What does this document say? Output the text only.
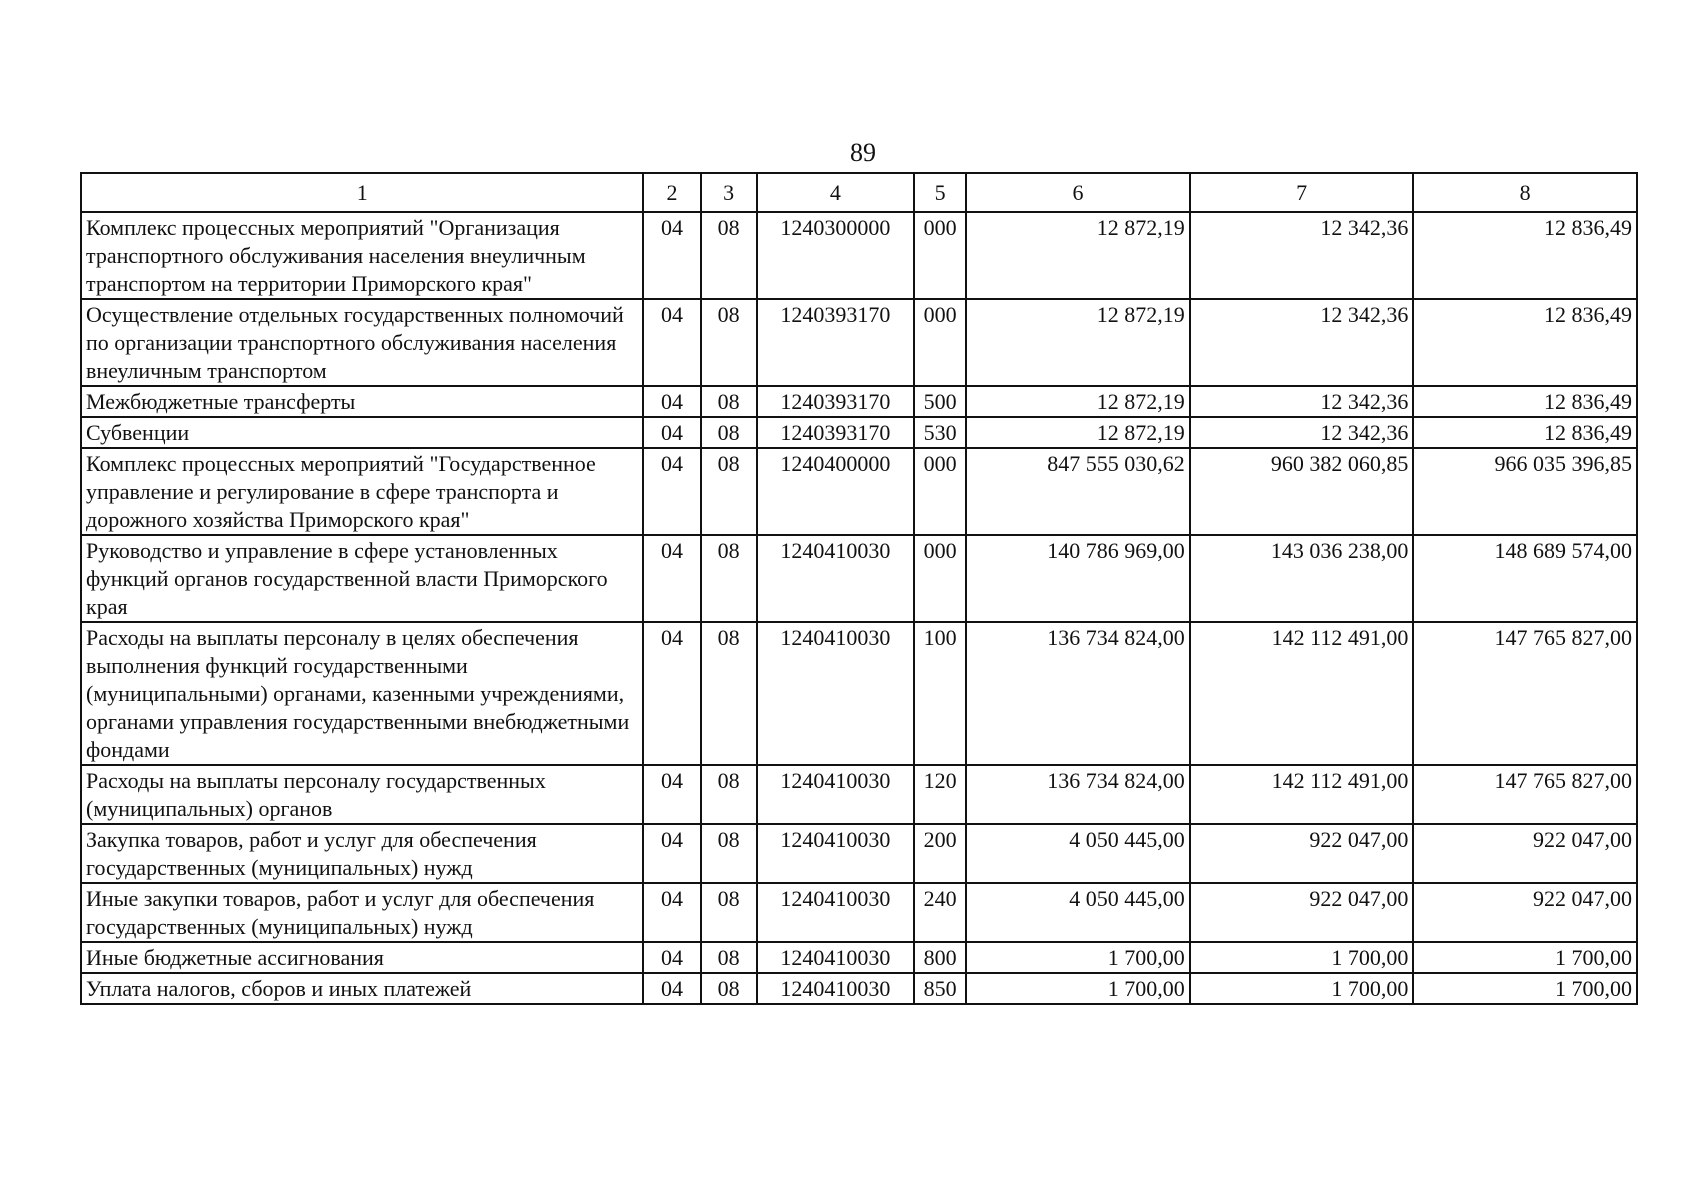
89
1	2	3	4	5	6	7	8
Комплекс процессных мероприятий "Организация транспортного обслуживания населения внеуличным транспортом на территории Приморского края"	04	08	1240300000	000	12 872,19	12 342,36	12 836,49
Осуществление отдельных государственных полномочий по организации транспортного обслуживания населения внеуличным транспортом	04	08	1240393170	000	12 872,19	12 342,36	12 836,49
Межбюджетные трансферты	04	08	1240393170	500	12 872,19	12 342,36	12 836,49
Субвенции	04	08	1240393170	530	12 872,19	12 342,36	12 836,49
Комплекс процессных мероприятий "Государственное управление и регулирование в сфере транспорта и дорожного хозяйства Приморского края"	04	08	1240400000	000	847 555 030,62	960 382 060,85	966 035 396,85
Руководство и управление в сфере установленных функций органов государственной власти Приморского края	04	08	1240410030	000	140 786 969,00	143 036 238,00	148 689 574,00
Расходы на выплаты персоналу в целях обеспечения выполнения функций государственными (муниципальными) органами, казенными учреждениями, органами управления государственными внебюджетными фондами	04	08	1240410030	100	136 734 824,00	142 112 491,00	147 765 827,00
Расходы на выплаты персоналу государственных (муниципальных) органов	04	08	1240410030	120	136 734 824,00	142 112 491,00	147 765 827,00
Закупка товаров, работ и услуг для обеспечения государственных (муниципальных) нужд	04	08	1240410030	200	4 050 445,00	922 047,00	922 047,00
Иные закупки товаров, работ и услуг для обеспечения государственных (муниципальных) нужд	04	08	1240410030	240	4 050 445,00	922 047,00	922 047,00
Иные бюджетные ассигнования	04	08	1240410030	800	1 700,00	1 700,00	1 700,00
Уплата налогов, сборов и иных платежей	04	08	1240410030	850	1 700,00	1 700,00	1 700,00
